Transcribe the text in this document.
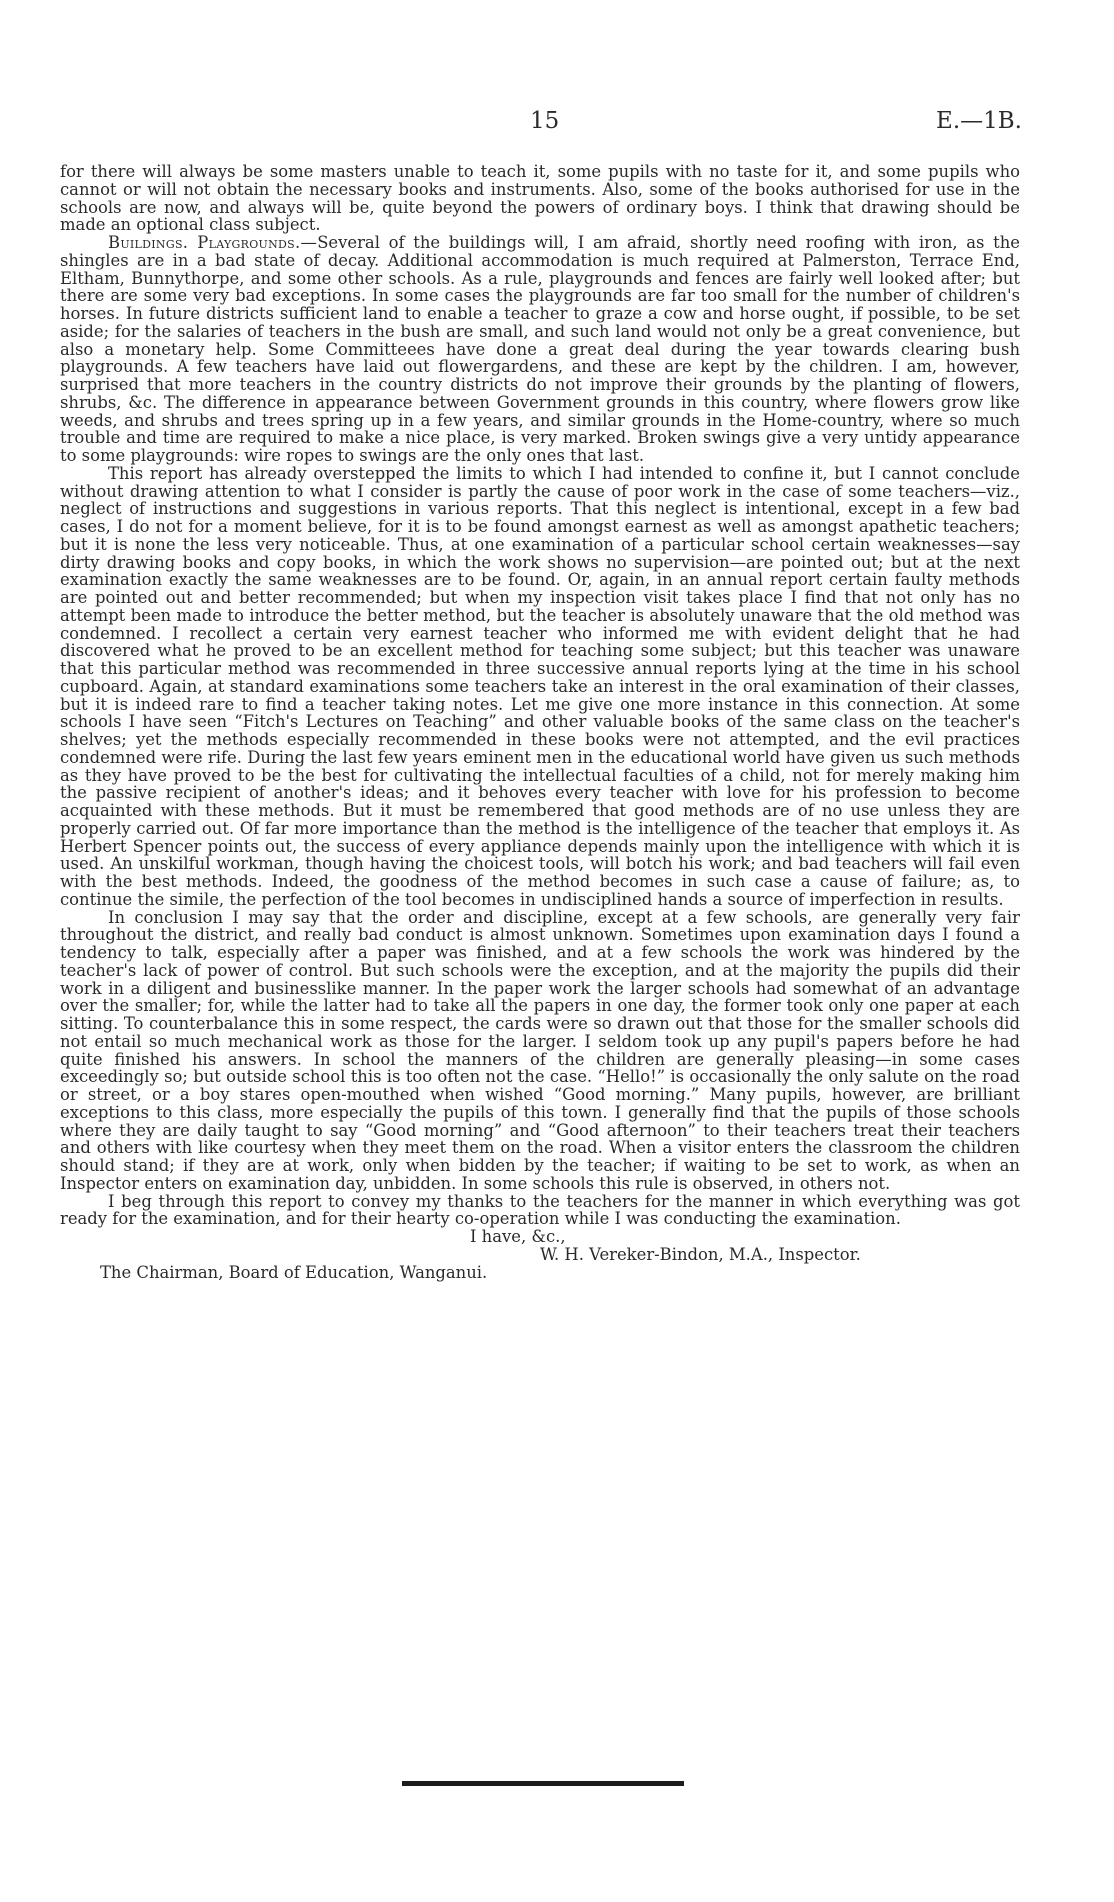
15	E.—1B.

for there will always be some masters unable to teach it, some pupils with no taste for it, and some pupils who cannot or will not obtain the necessary books and instruments. Also, some of the books authorised for use in the schools are now, and always will be, quite beyond the powers of ordinary boys. I think that drawing should be made an optional class subject.

Buildings. Playgrounds.—Several of the buildings will, I am afraid, shortly need roofing with iron, as the shingles are in a bad state of decay. Additional accommodation is much required at Palmerston, Terrace End, Eltham, Bunnythorpe, and some other schools. As a rule, playgrounds and fences are fairly well looked after; but there are some very bad exceptions. In some cases the playgrounds are far too small for the number of children's horses. In future districts sufficient land to enable a teacher to graze a cow and horse ought, if possible, to be set aside; for the salaries of teachers in the bush are small, and such land would not only be a great convenience, but also a monetary help. Some Committeees have done a great deal during the year towards clearing bush playgrounds. A few teachers have laid out flowergardens, and these are kept by the children. I am, however, surprised that more teachers in the country districts do not improve their grounds by the planting of flowers, shrubs, &c. The difference in appearance between Government grounds in this country, where flowers grow like weeds, and shrubs and trees spring up in a few years, and similar grounds in the Home-country, where so much trouble and time are required to make a nice place, is very marked. Broken swings give a very untidy appearance to some playgrounds: wire ropes to swings are the only ones that last.

This report has already overstepped the limits to which I had intended to confine it, but I cannot conclude without drawing attention to what I consider is partly the cause of poor work in the case of some teachers—viz., neglect of instructions and suggestions in various reports. That this neglect is intentional, except in a few bad cases, I do not for a moment believe, for it is to be found amongst earnest as well as amongst apathetic teachers; but it is none the less very noticeable. Thus, at one examination of a particular school certain weaknesses—say dirty drawing books and copy books, in which the work shows no supervision—are pointed out; but at the next examination exactly the same weaknesses are to be found. Or, again, in an annual report certain faulty methods are pointed out and better recommended; but when my inspection visit takes place I find that not only has no attempt been made to introduce the better method, but the teacher is absolutely unaware that the old method was condemned. I recollect a certain very earnest teacher who informed me with evident delight that he had discovered what he proved to be an excellent method for teaching some subject; but this teacher was unaware that this particular method was recommended in three successive annual reports lying at the time in his school cupboard. Again, at standard examinations some teachers take an interest in the oral examination of their classes, but it is indeed rare to find a teacher taking notes. Let me give one more instance in this connection. At some schools I have seen “Fitch's Lectures on Teaching” and other valuable books of the same class on the teacher's shelves; yet the methods especially recommended in these books were not attempted, and the evil practices condemned were rife. During the last few years eminent men in the educational world have given us such methods as they have proved to be the best for cultivating the intellectual faculties of a child, not for merely making him the passive recipient of another's ideas; and it behoves every teacher with love for his profession to become acquainted with these methods. But it must be remembered that good methods are of no use unless they are properly carried out. Of far more importance than the method is the intelligence of the teacher that employs it. As Herbert Spencer points out, the success of every appliance depends mainly upon the intelligence with which it is used. An unskilful workman, though having the choicest tools, will botch his work; and bad teachers will fail even with the best methods. Indeed, the goodness of the method becomes in such case a cause of failure; as, to continue the simile, the perfection of the tool becomes in undisciplined hands a source of imperfection in results.

In conclusion I may say that the order and discipline, except at a few schools, are generally very fair throughout the district, and really bad conduct is almost unknown. Sometimes upon examination days I found a tendency to talk, especially after a paper was finished, and at a few schools the work was hindered by the teacher's lack of power of control. But such schools were the exception, and at the majority the pupils did their work in a diligent and businesslike manner. In the paper work the larger schools had somewhat of an advantage over the smaller; for, while the latter had to take all the papers in one day, the former took only one paper at each sitting. To counterbalance this in some respect, the cards were so drawn out that those for the smaller schools did not entail so much mechanical work as those for the larger. I seldom took up any pupil's papers before he had quite finished his answers. In school the manners of the children are generally pleasing—in some cases exceedingly so; but outside school this is too often not the case. “Hello!” is occasionally the only salute on the road or street, or a boy stares open-mouthed when wished “Good morning.” Many pupils, however, are brilliant exceptions to this class, more especially the pupils of this town. I generally find that the pupils of those schools where they are daily taught to say “Good morning” and “Good afternoon” to their teachers treat their teachers and others with like courtesy when they meet them on the road. When a visitor enters the classroom the children should stand; if they are at work, only when bidden by the teacher; if waiting to be set to work, as when an Inspector enters on examination day, unbidden. In some schools this rule is observed, in others not.

I beg through this report to convey my thanks to the teachers for the manner in which everything was got ready for the examination, and for their hearty co-operation while I was conducting the examination.

I have, &c.,
W. H. Vereker-Bindon, M.A., Inspector.
The Chairman, Board of Education, Wanganui.
